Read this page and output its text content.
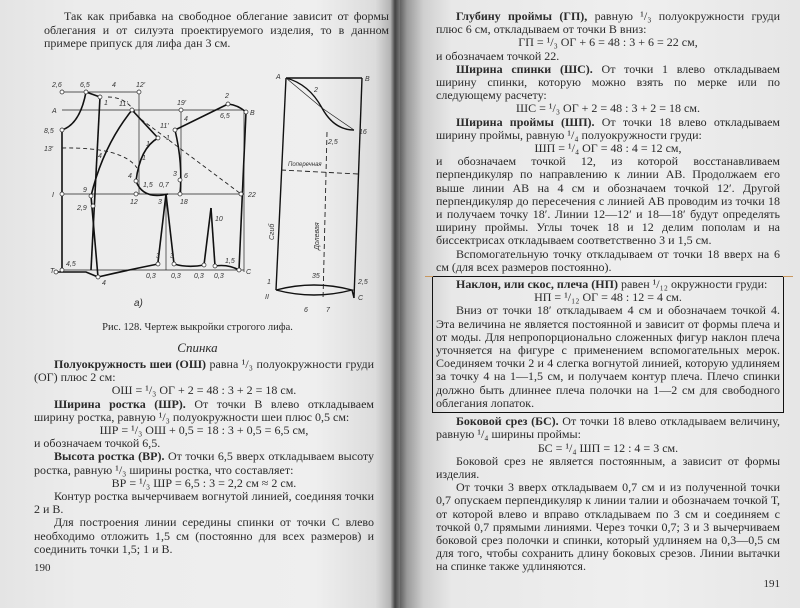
Так как прибавка на свободное облегание зависит от формы облегания и от силуэта проектируемого изделия, то в данном примере припуск для лифа дан 3 см.

2,6	6,5	4
1
12'
А
11'	19'
4
2
6,5	В
8,5
13'
11'
1
1
1
4
1,5 0,7
3 6
4
I
9
12	3	18
22
2,9
10
Т
4,5
4
0,3
3 3
0,3 0,3 0,3
1,5
С
а)
А	В
2
2,5
16
Поперечная
Долевая
Сгиб
35
2,5
1
II	С
6	7
Рис. 128. Чертеж выкройки строгого лифа.
Спинка

Полуокружность шеи (ОШ) равна ¹/₃ полуокружности груди (ОГ) плюс 2 см:

ОШ = ¹/₃ ОГ + 2 = 48 : 3 + 2 = 18 см.

Ширина ростка (ШР). От точки В влево откладываем ширину ростка, равную ¹/₃ полуокружности шеи плюс 0,5 см:

ШР = ¹/₃ ОШ + 0,5 = 18 : 3 + 0,5 = 6,5 см,

и обозначаем точкой 6,5.

Высота ростка (ВР). От точки 6,5 вверх откладываем высоту ростка, равную ¹/₃ ширины ростка, что составляет:

ВР = ¹/₃ ШР = 6,5 : 3 = 2,2 см ≈ 2 см.

Контур ростка вычерчиваем вогнутой линией, соединяя точки 2 и В.

Для построения линии середины спинки от точки С влево необходимо отложить 1,5 см (постоянно для всех размеров) и соединить точки 1,5; 1 и В.

190

Глубину проймы (ГП), равную ¹/₃ полуокружности груди плюс 6 см, откладываем от точки В вниз:

ГП = ¹/₃ ОГ + 6 = 48 : 3 + 6 = 22 см,

и обозначаем точкой 22.

Ширина спинки (ШС). От точки 1 влево откладываем ширину спинки, которую можно взять по мерке или по следующему расчету:

ШС = ¹/₃ ОГ + 2 = 48 : 3 + 2 = 18 см.

Ширина проймы (ШП). От точки 18 влево откладываем ширину проймы, равную ¹/₄ полуокружности груди:

ШП = ¹/₄ ОГ = 48 : 4 = 12 см,

и обозначаем точкой 12, из которой восстанавливаем перпендикуляр по направлению к линии АВ. Продолжаем его выше линии АВ на 4 см и обозначаем точкой 12′. Другой перпендикуляр до пересечения с линией АВ проводим из точки 18 и получаем точку 18′. Линии 12—12′ и 18—18′ будут определять ширину проймы. Углы точек 18 и 12 делим пополам и на биссектрисах откладываем соответственно 3 и 1,5 см.

Вспомогательную точку откладываем от точки 18 вверх на 6 см (для всех размеров постоянно).

Наклон, или скос, плеча (НП) равен ¹/₁₂ окружности груди:

НП = ¹/₁₂ ОГ = 48 : 12 = 4 см.

Вниз от точки 18′ откладываем 4 см и обозначаем точкой 4. Эта величина не является постоянной и зависит от формы плеча и от моды. Для непропорционально сложенных фигур наклон плеча уточняется на фигуре с применением вспомогательных мерок. Соединяем точки 2 и 4 слегка вогнутой линией, которую удлиняем за точку 4 на 1—1,5 см, и получаем контур плеча. Плечо спинки должно быть длиннее плеча полочки на 1—2 см для свободного облегания лопаток.

Боковой срез (БС). От точки 18 влево откладываем величину, равную ¹/₄ ширины проймы:

БС = ¹/₄ ШП = 12 : 4 = 3 см.

Боковой срез не является постоянным, а зависит от формы изделия.

От точки 3 вверх откладываем 0,7 см и из полученной точки 0,7 опускаем перпендикуляр к линии талии и обозначаем точкой Т, от которой влево и вправо откладываем по 3 см и соединяем с точкой 0,7 прямыми линиями. Через точки 0,7; 3 и 3 вычерчиваем боковой срез полочки и спинки, который удлиняем на 0,3—0,5 см для того, чтобы сохранить длину боковых срезов. Линии вытачки на спинке также удлиняются.

191
